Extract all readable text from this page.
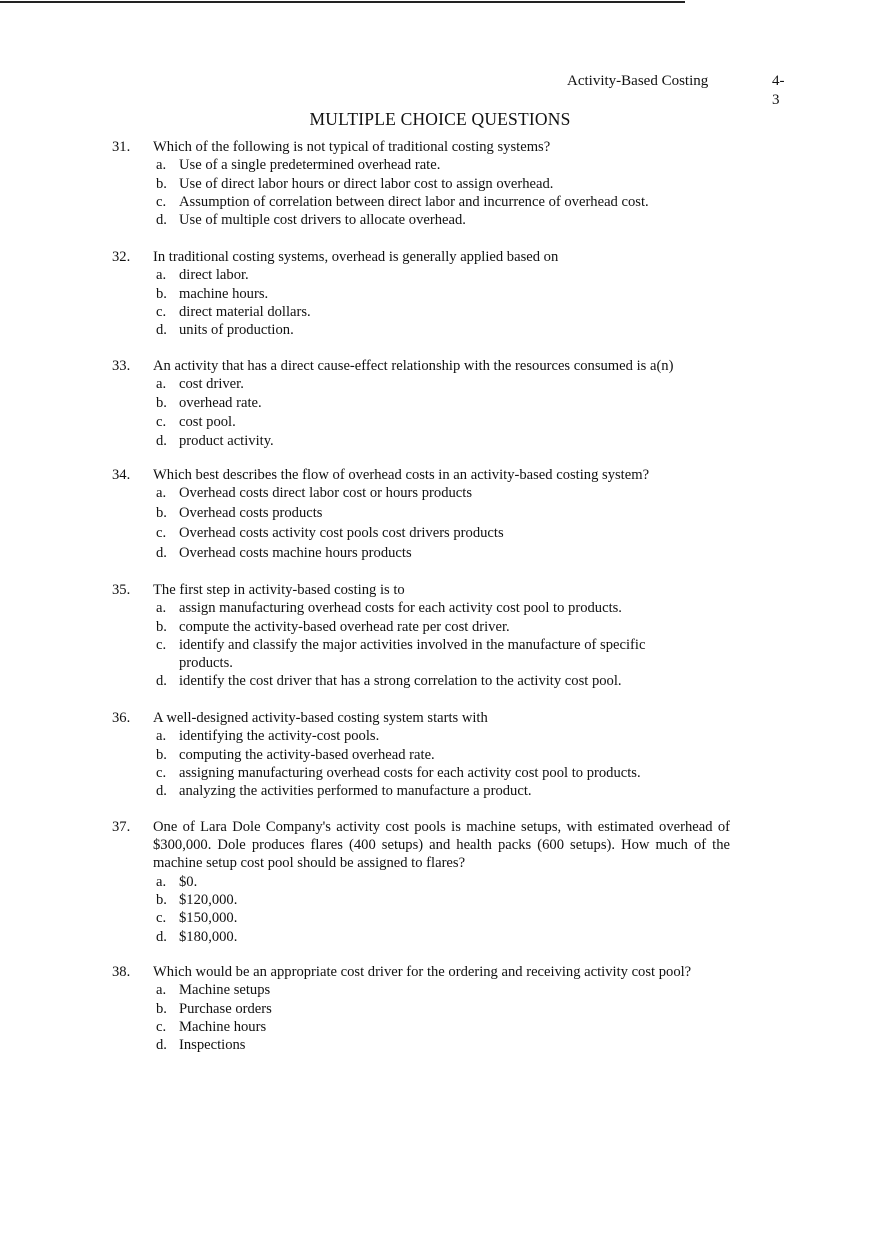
Activity-Based Costing	4-
3
MULTIPLE CHOICE QUESTIONS
31.	Which of the following is not typical of traditional costing systems?
a. Use of a single predetermined overhead rate.
b. Use of direct labor hours or direct labor cost to assign overhead.
c. Assumption of correlation between direct labor and incurrence of overhead cost.
d. Use of multiple cost drivers to allocate overhead.
32.	In traditional costing systems, overhead is generally applied based on
a. direct labor.
b. machine hours.
c. direct material dollars.
d. units of production.
33.	An activity that has a direct cause-effect relationship with the resources consumed is a(n)
a. cost driver.
b. overhead rate.
c. cost pool.
d. product activity.
34.	Which best describes the flow of overhead costs in an activity-based costing system?
a. Overhead costs direct labor cost or hours products
b. Overhead costs products
c. Overhead costs activity cost pools cost drivers products
d. Overhead costs machine hours products
35.	The first step in activity-based costing is to
a. assign manufacturing overhead costs for each activity cost pool to products.
b. compute the activity-based overhead rate per cost driver.
c. identify and classify the major activities involved in the manufacture of specific
products.
d. identify the cost driver that has a strong correlation to the activity cost pool.
36.	A well-designed activity-based costing system starts with
a. identifying the activity-cost pools.
b. computing the activity-based overhead rate.
c. assigning manufacturing overhead costs for each activity cost pool to products.
d. analyzing the activities performed to manufacture a product.
37.	One of Lara Dole Company's activity cost pools is machine setups, with estimated overhead of $300,000. Dole produces flares (400 setups) and health packs (600 setups). How much of the machine setup cost pool should be assigned to flares?
a. $0.
b. $120,000.
c. $150,000.
d. $180,000.
38.	Which would be an appropriate cost driver for the ordering and receiving activity cost pool?
a. Machine setups
b. Purchase orders
c. Machine hours
d. Inspections
